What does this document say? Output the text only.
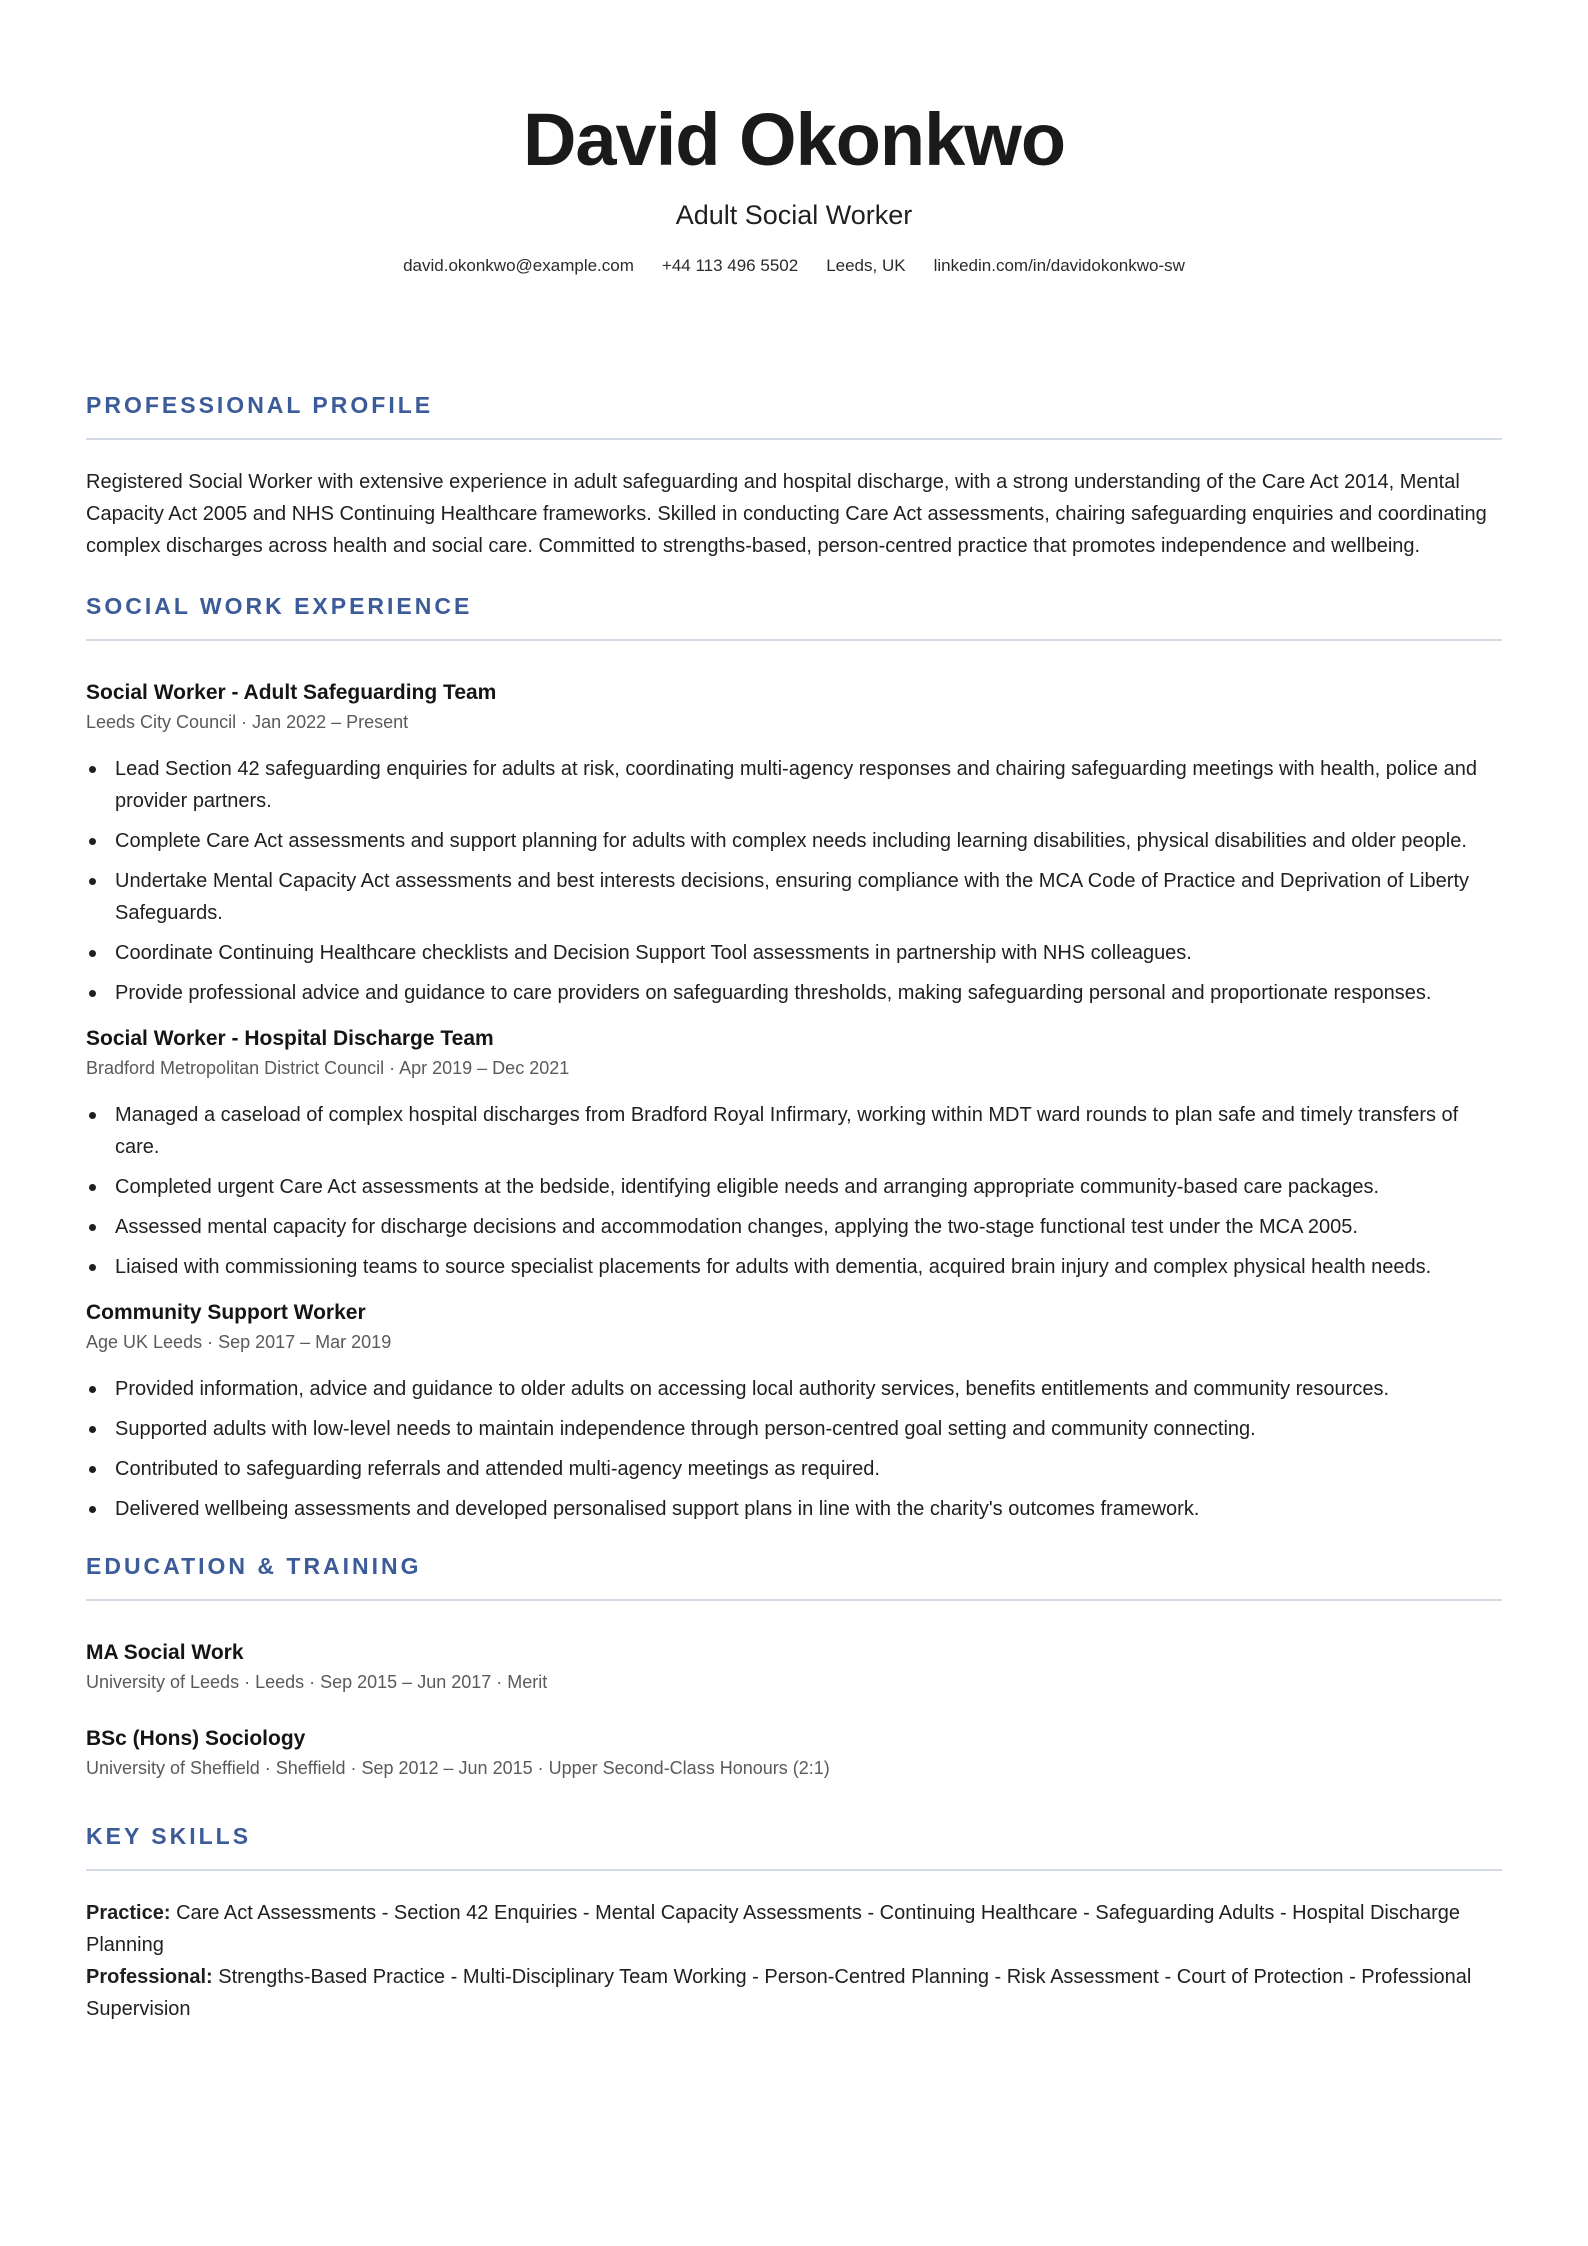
David Okonkwo
Adult Social Worker
david.okonkwo@example.com +44 113 496 5502 Leeds, UK linkedin.com/in/davidokonkwo-sw
PROFESSIONAL PROFILE
Registered Social Worker with extensive experience in adult safeguarding and hospital discharge, with a strong understanding of the Care Act 2014, Mental Capacity Act 2005 and NHS Continuing Healthcare frameworks. Skilled in conducting Care Act assessments, chairing safeguarding enquiries and coordinating complex discharges across health and social care. Committed to strengths-based, person-centred practice that promotes independence and wellbeing.
SOCIAL WORK EXPERIENCE
Social Worker - Adult Safeguarding Team
Leeds City Council · Jan 2022 – Present
Lead Section 42 safeguarding enquiries for adults at risk, coordinating multi-agency responses and chairing safeguarding meetings with health, police and provider partners.
Complete Care Act assessments and support planning for adults with complex needs including learning disabilities, physical disabilities and older people.
Undertake Mental Capacity Act assessments and best interests decisions, ensuring compliance with the MCA Code of Practice and Deprivation of Liberty Safeguards.
Coordinate Continuing Healthcare checklists and Decision Support Tool assessments in partnership with NHS colleagues.
Provide professional advice and guidance to care providers on safeguarding thresholds, making safeguarding personal and proportionate responses.
Social Worker - Hospital Discharge Team
Bradford Metropolitan District Council · Apr 2019 – Dec 2021
Managed a caseload of complex hospital discharges from Bradford Royal Infirmary, working within MDT ward rounds to plan safe and timely transfers of care.
Completed urgent Care Act assessments at the bedside, identifying eligible needs and arranging appropriate community-based care packages.
Assessed mental capacity for discharge decisions and accommodation changes, applying the two-stage functional test under the MCA 2005.
Liaised with commissioning teams to source specialist placements for adults with dementia, acquired brain injury and complex physical health needs.
Community Support Worker
Age UK Leeds · Sep 2017 – Mar 2019
Provided information, advice and guidance to older adults on accessing local authority services, benefits entitlements and community resources.
Supported adults with low-level needs to maintain independence through person-centred goal setting and community connecting.
Contributed to safeguarding referrals and attended multi-agency meetings as required.
Delivered wellbeing assessments and developed personalised support plans in line with the charity's outcomes framework.
EDUCATION & TRAINING
MA Social Work
University of Leeds · Leeds · Sep 2015 – Jun 2017 · Merit
BSc (Hons) Sociology
University of Sheffield · Sheffield · Sep 2012 – Jun 2015 · Upper Second-Class Honours (2:1)
KEY SKILLS
Practice: Care Act Assessments - Section 42 Enquiries - Mental Capacity Assessments - Continuing Healthcare - Safeguarding Adults - Hospital Discharge Planning
Professional: Strengths-Based Practice - Multi-Disciplinary Team Working - Person-Centred Planning - Risk Assessment - Court of Protection - Professional Supervision
